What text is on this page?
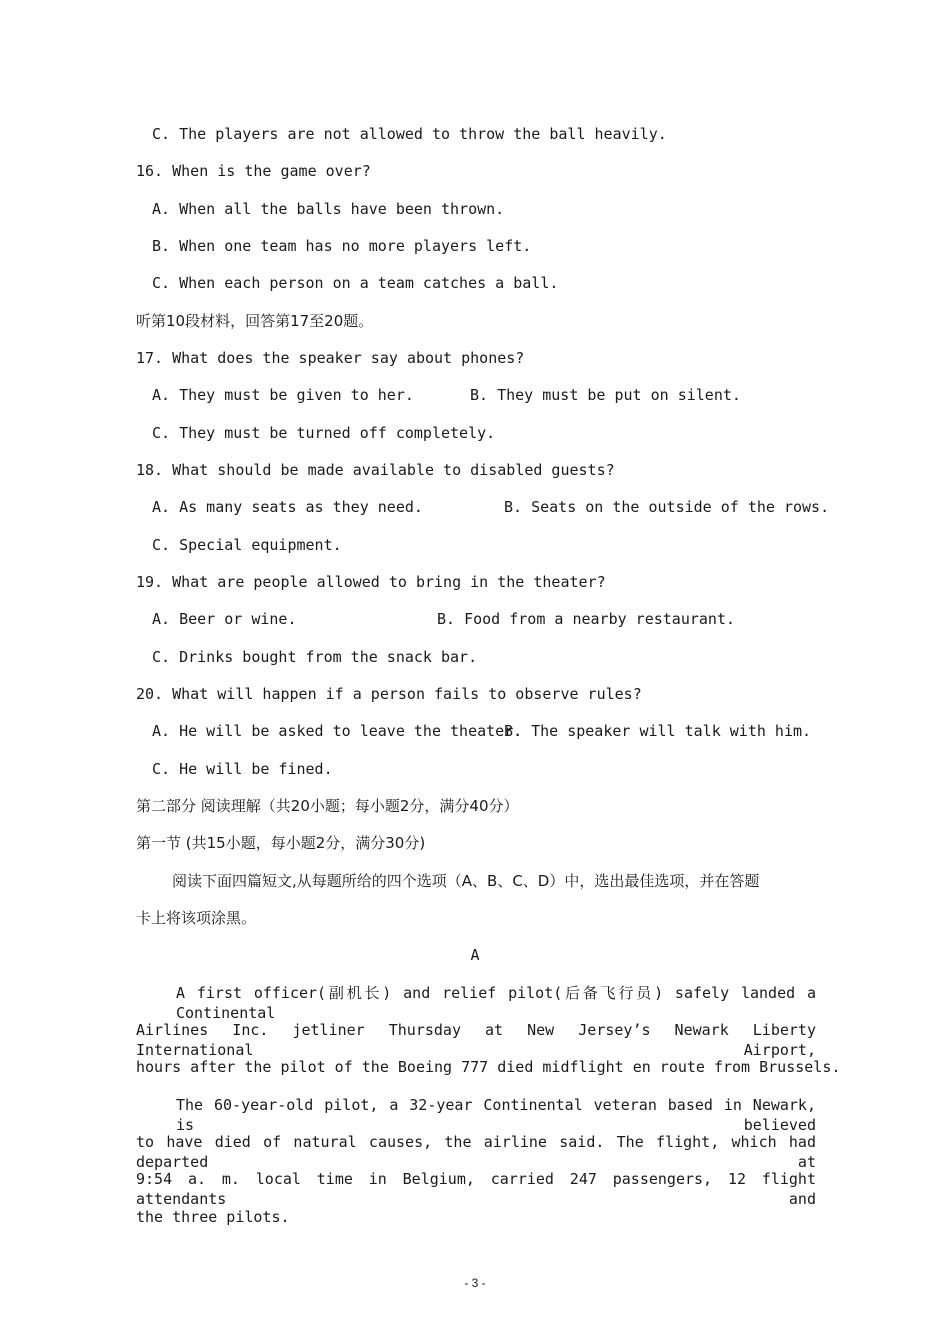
C. The players are not allowed to throw the ball heavily.
16. When is the game over?
A. When all the balls have been thrown.
B. When one team has no more players left.
C. When each person on a team catches a ball.
听第10段材料，回答第17至20题。
17. What does the speaker say about phones?
A. They must be given to her.	B. They must be put on silent.
C. They must be turned off completely.
18. What should be made available to disabled guests?
A. As many seats as they need.	B. Seats on the outside of the rows.
C. Special equipment.
19. What are people allowed to bring in the theater?
A. Beer or wine.	B. Food from a nearby restaurant.
C. Drinks bought from the snack bar.
20. What will happen if a person fails to observe rules?
A. He will be asked to leave the theater.
B. The speaker will talk with him.
C. He will be fined.
第二部分 阅读理解（共20小题；每小题2分，满分40分）
第一节 (共15小题，每小题2分，满分30分)
阅读下面四篇短文,从每题所给的四个选项（A、B、C、D）中，选出最佳选项，并在答题
卡上将该项涂黑。
A
A first officer(副机长) and relief pilot(后备飞行员) safely landed a Continental
Airlines Inc. jetliner Thursday at New Jersey’s Newark Liberty International Airport,
hours after the pilot of the Boeing 777 died midflight en route from Brussels.
The 60-year-old pilot, a 32-year Continental veteran based in Newark, is believed
to have died of natural causes, the airline said. The flight, which had departed at
9:54 a. m. local time in Belgium, carried 247 passengers, 12 flight attendants and
the three pilots.
- 3 -
